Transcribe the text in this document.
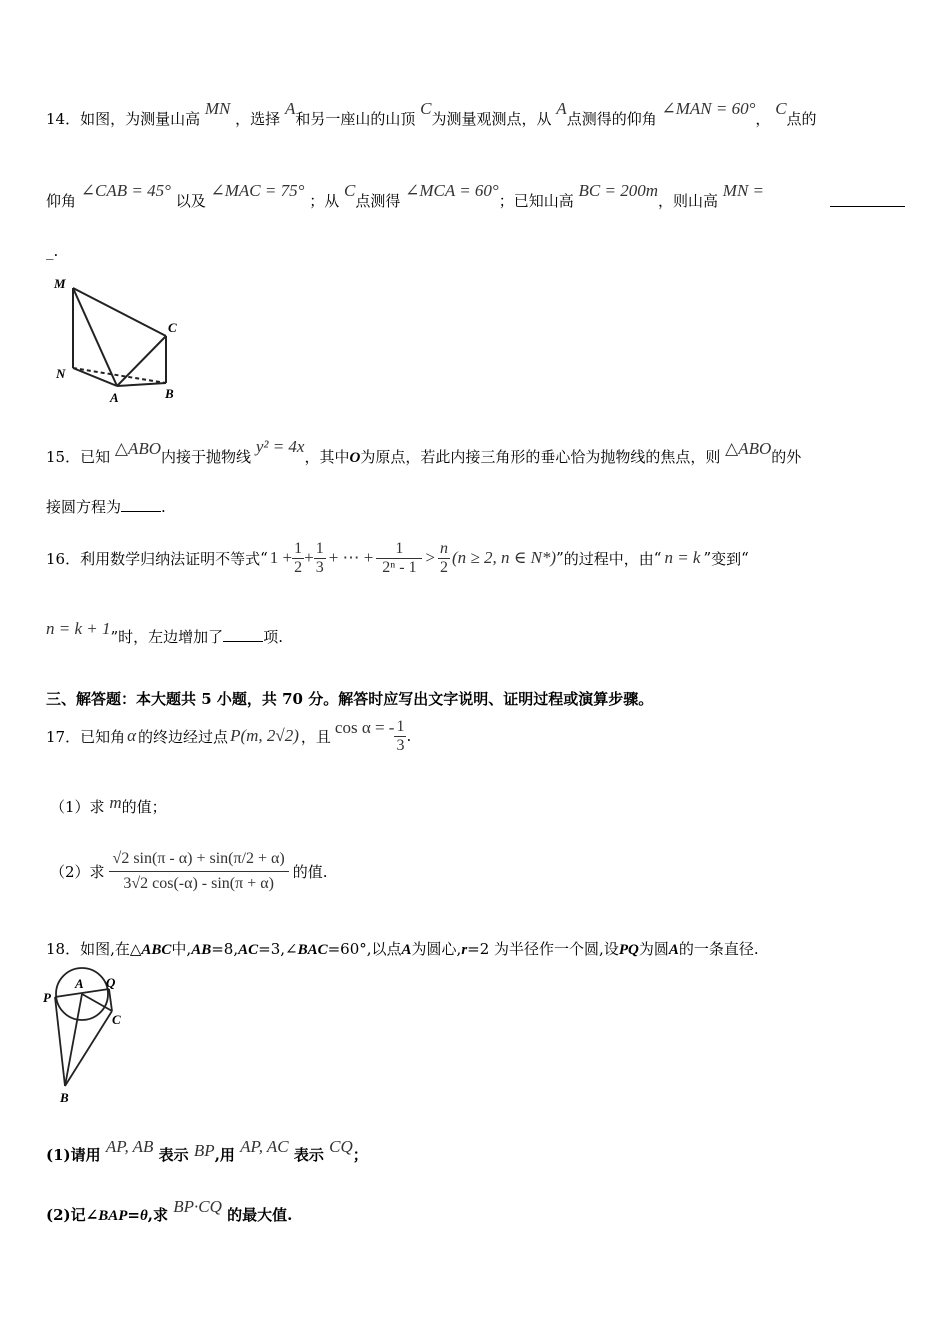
14．如图，为测量山高 MN ，选择 A和另一座山的山顶 C为测量观测点，从 A点测得的仰角 ∠MAN = 60°， C点的
仰角 ∠CAB = 45° 以及 ∠MAC = 75° ；从 C点测得 ∠MCA = 60°；已知山高 BC = 200m，则山高 MN =
_.
M
C
N
A	B
15．已知 △ABO内接于抛物线 y² = 4x，其中O为原点，若此内接三角形的垂心恰为抛物线的焦点，则 △ABO的外
接圆方程为	.
16． 利用数学归纳法证明不等式 “ $1 + \frac{1}{2} + \frac{1}{3}$ + ⋯ + $\frac{1}{\text{2ⁿ - 1}} > \frac{n}{2} (n \ge 2$, n ∈ N*) ” 的过程中，由 “ n = k ” 变到 “
n = k + 1”时，左边增加了	项.
三、解答题：本大题共 5 小题，共 70 分。解答时应写出文字说明、证明过程或演算步骤。
17． 已知角 α 的终边经过点 P(m, 2√2) ，且 cos α = - $\frac{1}{3}$ .
（1）求 m的值；
（2）求 $\frac{√2 \sin(\pi - \alpha) + \sin(\pi/2 + \alpha)}{3√2 \cos(-\alpha) - \sin(\pi + \alpha)}$ 的值.
18．如图,在△ABC中,AB=8,AC=3,∠BAC=60°,以点A为圆心,r=2 为半径作一个圆,设PQ为圆A的一条直径.
P
A Q
C
B
(1)请用 AP, AB 表示 BP,用 AP, AC 表示 CQ；
(2)记∠BAP=θ,求 BP·CQ 的最大值.
